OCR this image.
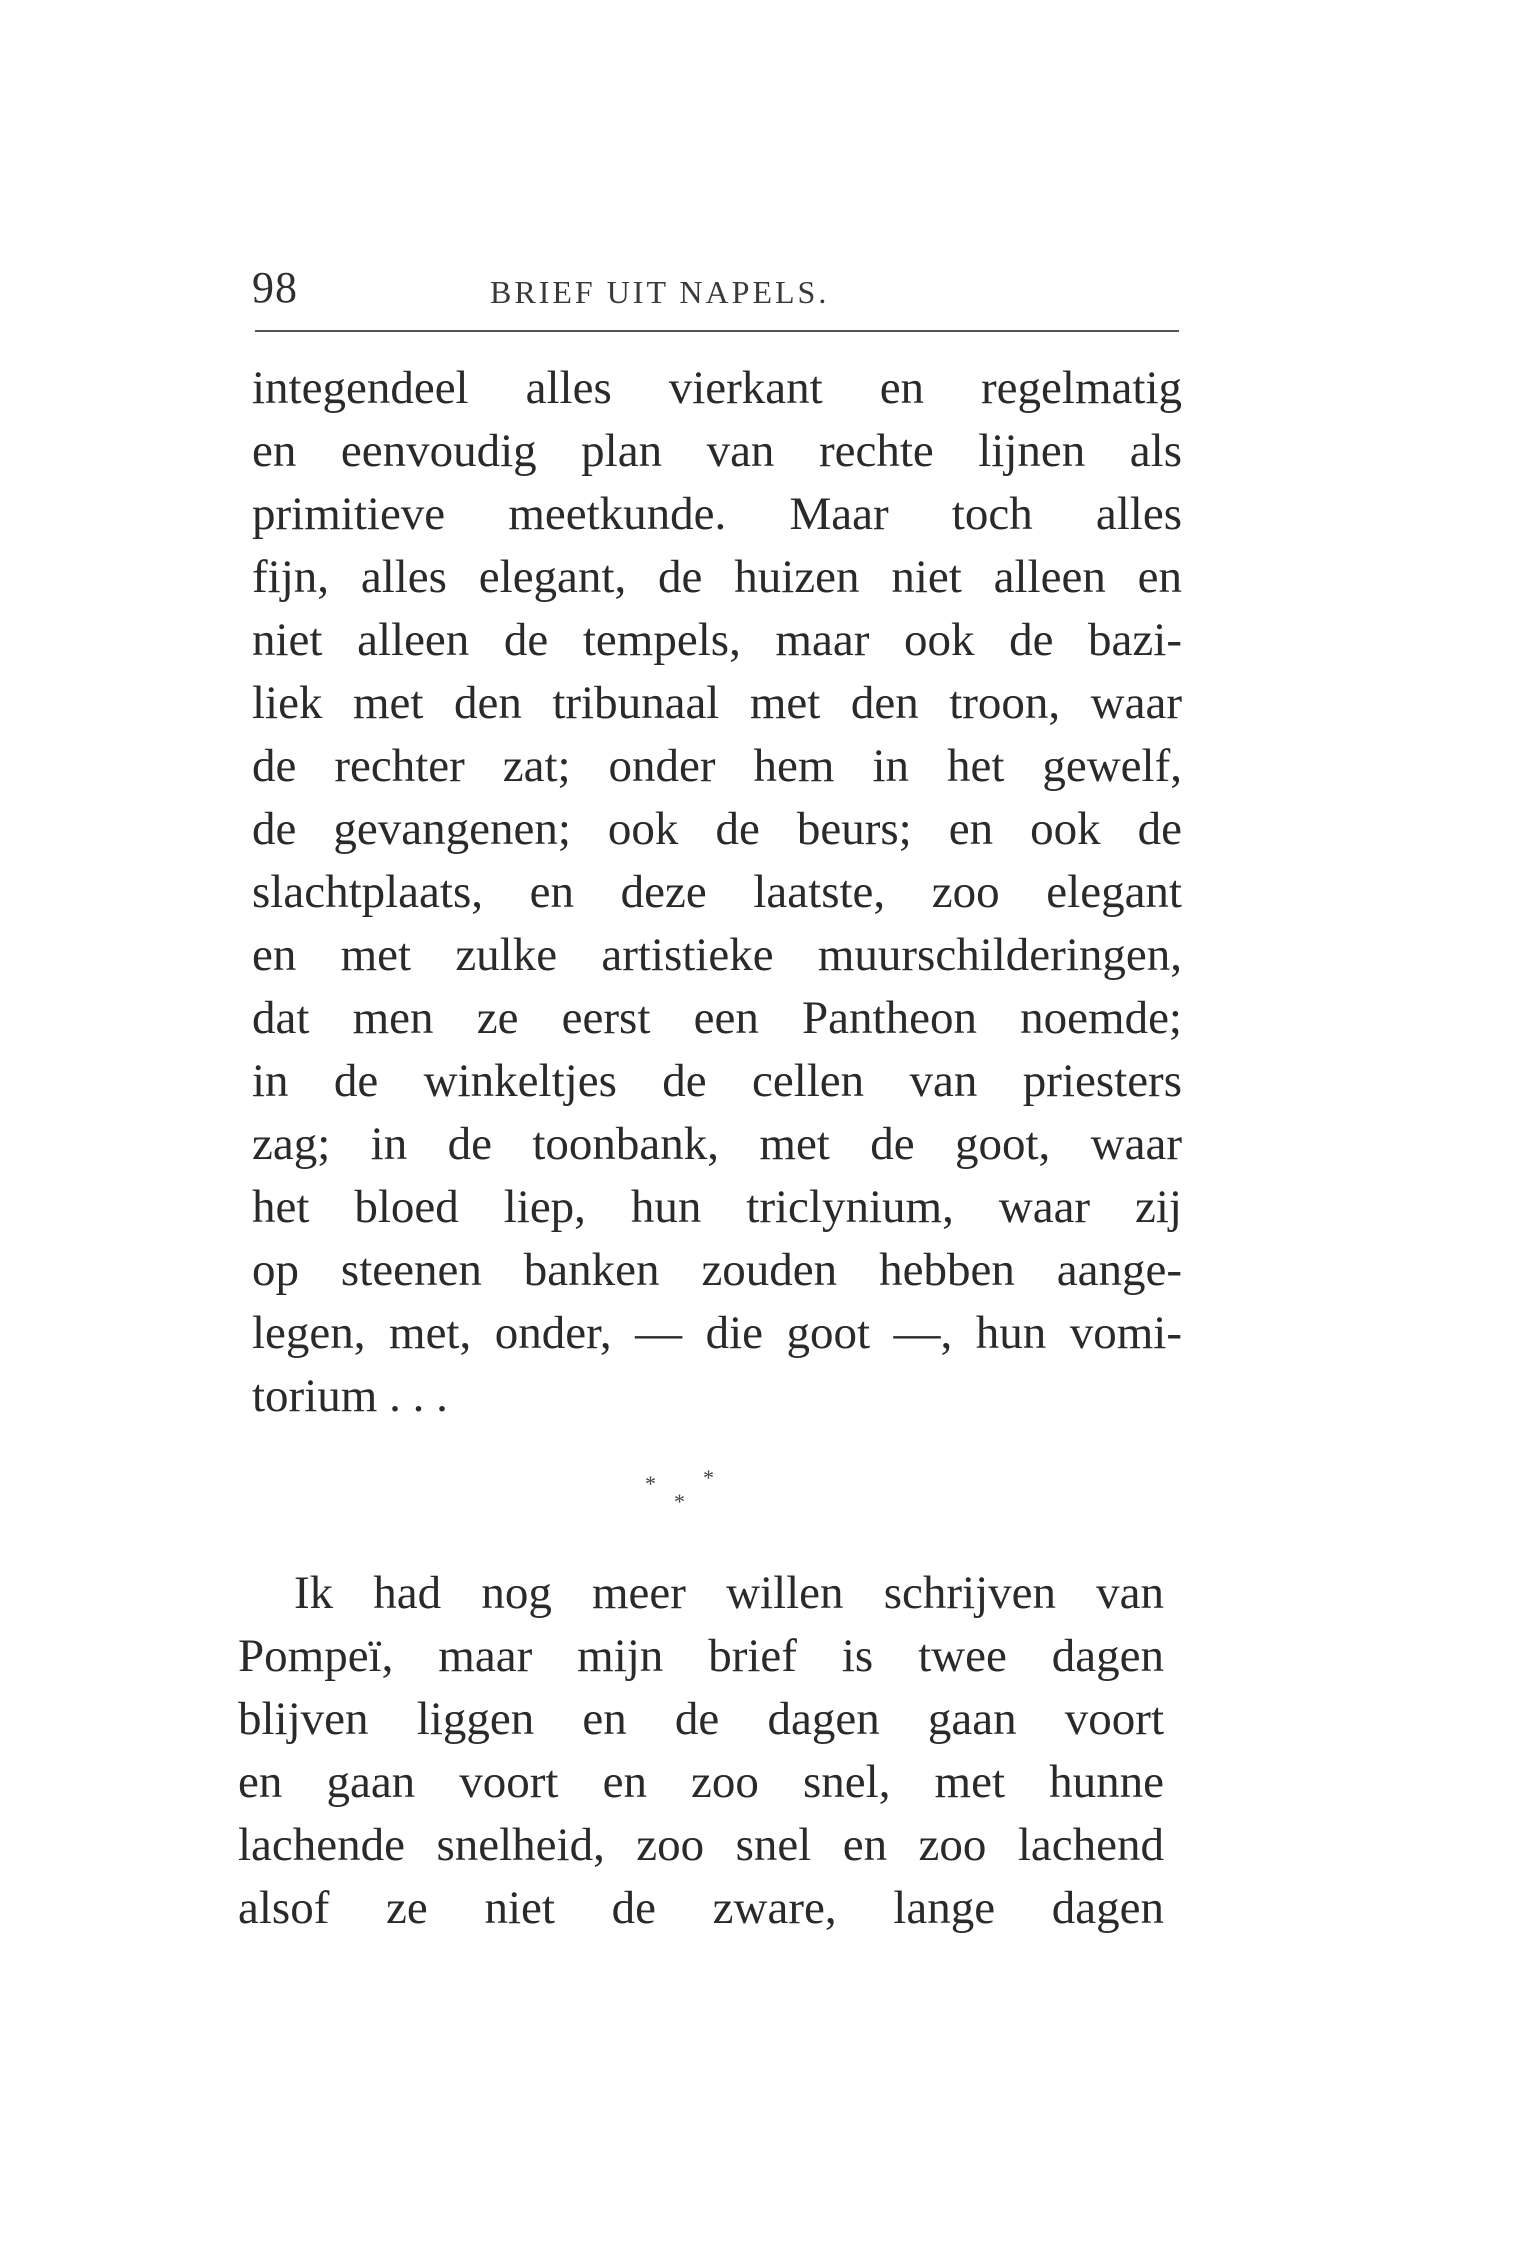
98	BRIEF UIT NAPELS.
integendeel alles vierkant en regelmatig
en eenvoudig plan van rechte lijnen als
primitieve meetkunde. Maar toch alles
fijn, alles elegant, de huizen niet alleen en
niet alleen de tempels, maar ook de bazi-
liek met den tribunaal met den troon, waar
de rechter zat; onder hem in het gewelf,
de gevangenen; ook de beurs; en ook de
slachtplaats, en deze laatste, zoo elegant
en met zulke artistieke muurschilderingen,
dat men ze eerst een Pantheon noemde;
in de winkeltjes de cellen van priesters
zag; in de toonbank, met de goot, waar
het bloed liep, hun triclynium, waar zij
op steenen banken zouden hebben aange-
legen, met, onder, — die goot —, hun vomi-
torium . . .
* *
*
Ik had nog meer willen schrijven van
Pompeï, maar mijn brief is twee dagen
blijven liggen en de dagen gaan voort
en gaan voort en zoo snel, met hunne
lachende snelheid, zoo snel en zoo lachend
alsof ze niet de zware, lange dagen
